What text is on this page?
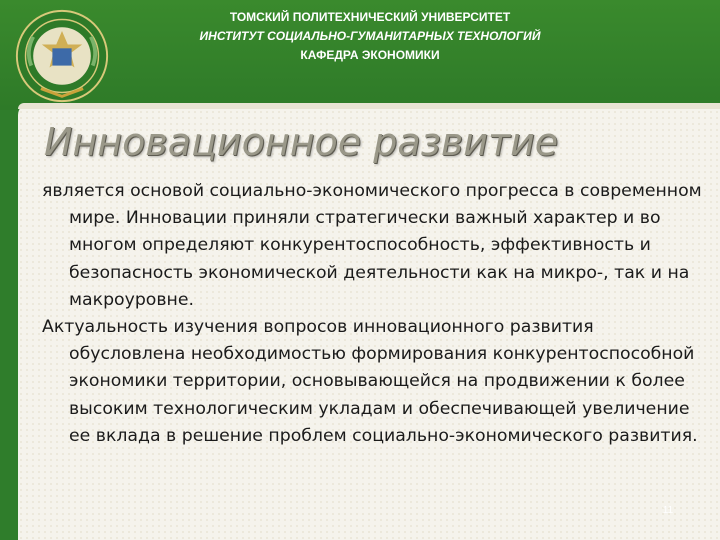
ТОМСКИЙ ПОЛИТЕХНИЧЕСКИЙ УНИВЕРСИТЕТ
ИНСТИТУТ СОЦИАЛЬНО-ГУМАНИТАРНЫХ ТЕХНОЛОГИЙ
КАФЕДРА ЭКОНОМИКИ
Инновационное развитие

является основой социально-экономического прогресса в современном мире. Инновации приняли стратегически важный характер и во многом определяют конкурентоспособность, эффективность и безопасность экономической деятельности как на микро-, так и на макроуровне.

Актуальность изучения вопросов инновационного развития обусловлена необходимостью формирования конкурентоспособной экономики территории, основывающейся на продвижении к более высоким технологическим укладам и обеспечивающей увеличение ее вклада в решение проблем социально-экономического развития.

11
